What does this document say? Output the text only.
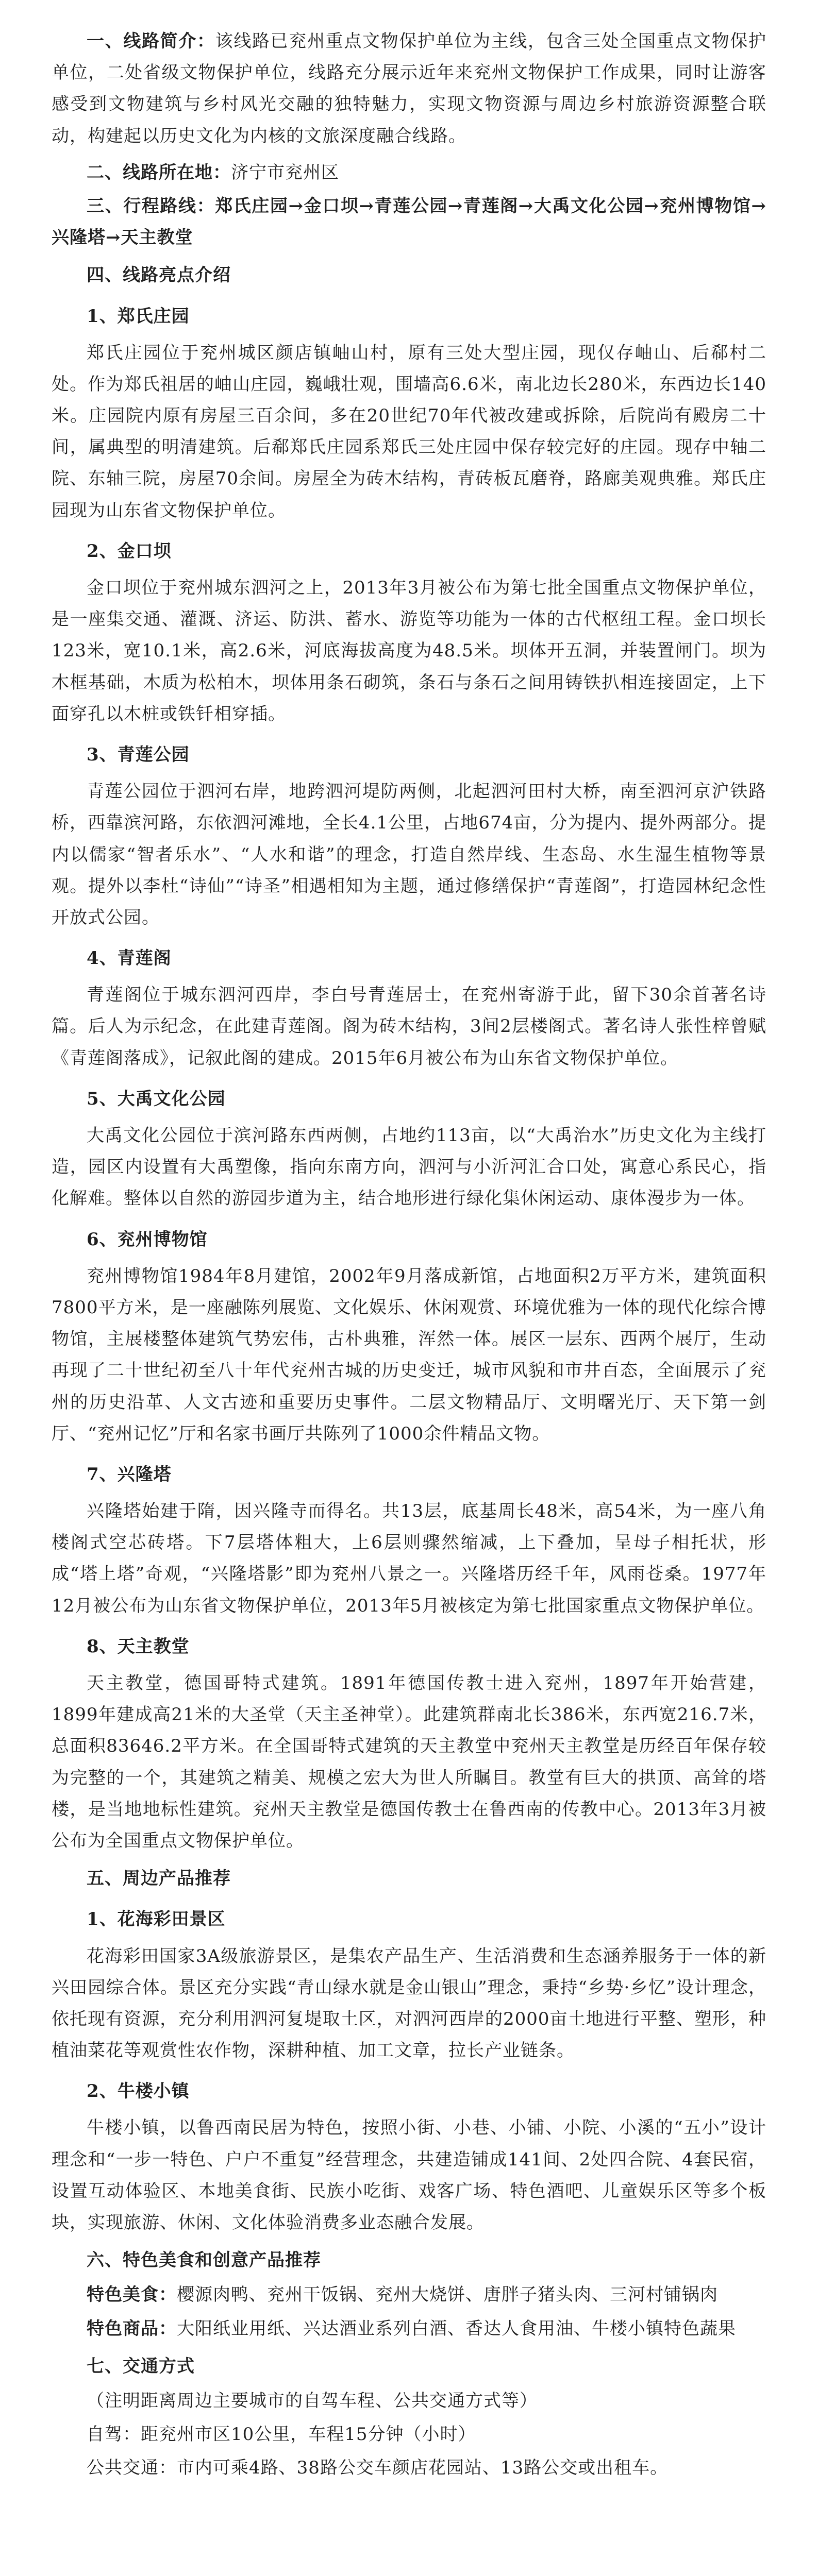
一、线路简介：该线路已兖州重点文物保护单位为主线，包含三处全国重点文物保护单位，二处省级文物保护单位，线路充分展示近年来兖州文物保护工作成果，同时让游客感受到文物建筑与乡村风光交融的独特魅力，实现文物资源与周边乡村旅游资源整合联动，构建起以历史文化为内核的文旅深度融合线路。

二、线路所在地：济宁市兖州区

三、行程路线：郑氏庄园→金口坝→青莲公园→青莲阁→大禹文化公园→兖州博物馆→兴隆塔→天主教堂

四、线路亮点介绍

1、郑氏庄园

郑氏庄园位于兖州城区颜店镇岫山村，原有三处大型庄园，现仅存岫山、后郗村二处。作为郑氏祖居的岫山庄园，巍峨壮观，围墙高6.6米，南北边长280米，东西边长140米。庄园院内原有房屋三百余间，多在20世纪70年代被改建或拆除，后院尚有殿房二十间，属典型的明清建筑。后郗郑氏庄园系郑氏三处庄园中保存较完好的庄园。现存中轴二院、东轴三院，房屋70余间。房屋全为砖木结构，青砖板瓦磨脊，路廊美观典雅。郑氏庄园现为山东省文物保护单位。

2、金口坝

金口坝位于兖州城东泗河之上，2013年3月被公布为第七批全国重点文物保护单位，是一座集交通、灌溉、济运、防洪、蓄水、游览等功能为一体的古代枢纽工程。金口坝长123米，宽10.1米，高2.6米，河底海拔高度为48.5米。坝体开五洞，并装置闸门。坝为木框基础，木质为松柏木，坝体用条石砌筑，条石与条石之间用铸铁扒相连接固定，上下面穿孔以木桩或铁钎相穿插。

3、青莲公园

青莲公园位于泗河右岸，地跨泗河堤防两侧，北起泗河田村大桥，南至泗河京沪铁路桥，西靠滨河路，东依泗河滩地，全长4.1公里，占地674亩，分为提内、提外两部分。提内以儒家“智者乐水”、“人水和谐”的理念，打造自然岸线、生态岛、水生湿生植物等景观。提外以李杜“诗仙”“诗圣”相遇相知为主题，通过修缮保护“青莲阁”，打造园林纪念性开放式公园。

4、青莲阁

青莲阁位于城东泗河西岸，李白号青莲居士，在兖州寄游于此，留下30余首著名诗篇。后人为示纪念，在此建青莲阁。阁为砖木结构，3间2层楼阁式。著名诗人张性梓曾赋《青莲阁落成》，记叙此阁的建成。2015年6月被公布为山东省文物保护单位。

5、大禹文化公园

大禹文化公园位于滨河路东西两侧，占地约113亩，以“大禹治水”历史文化为主线打造，园区内设置有大禹塑像，指向东南方向，泗河与小沂河汇合口处，寓意心系民心，指化解难。整体以自然的游园步道为主，结合地形进行绿化集休闲运动、康体漫步为一体。

6、兖州博物馆

兖州博物馆1984年8月建馆，2002年9月落成新馆，占地面积2万平方米，建筑面积7800平方米，是一座融陈列展览、文化娱乐、休闲观赏、环境优雅为一体的现代化综合博物馆，主展楼整体建筑气势宏伟，古朴典雅，浑然一体。展区一层东、西两个展厅，生动再现了二十世纪初至八十年代兖州古城的历史变迁，城市风貌和市井百态，全面展示了兖州的历史沿革、人文古迹和重要历史事件。二层文物精品厅、文明曙光厅、天下第一剑厅、“兖州记忆”厅和名家书画厅共陈列了1000余件精品文物。

7、兴隆塔

兴隆塔始建于隋，因兴隆寺而得名。共13层，底基周长48米，高54米，为一座八角楼阁式空芯砖塔。下7层塔体粗大，上6层则骤然缩减，上下叠加，呈母子相托状，形成“塔上塔”奇观，“兴隆塔影”即为兖州八景之一。兴隆塔历经千年，风雨苍桑。1977年12月被公布为山东省文物保护单位，2013年5月被核定为第七批国家重点文物保护单位。

8、天主教堂

天主教堂，德国哥特式建筑。1891年德国传教士进入兖州，1897年开始营建，1899年建成高21米的大圣堂（天主圣神堂）。此建筑群南北长386米，东西宽216.7米，总面积83646.2平方米。在全国哥特式建筑的天主教堂中兖州天主教堂是历经百年保存较为完整的一个，其建筑之精美、规模之宏大为世人所瞩目。教堂有巨大的拱顶、高耸的塔楼，是当地地标性建筑。兖州天主教堂是德国传教士在鲁西南的传教中心。2013年3月被公布为全国重点文物保护单位。

五、周边产品推荐

1、花海彩田景区

花海彩田国家3A级旅游景区，是集农产品生产、生活消费和生态涵养服务于一体的新兴田园综合体。景区充分实践“青山绿水就是金山银山”理念，秉持“乡势·乡忆”设计理念，依托现有资源，充分利用泗河复堤取土区，对泗河西岸的2000亩土地进行平整、塑形，种植油菜花等观赏性农作物，深耕种植、加工文章，拉长产业链条。

2、牛楼小镇

牛楼小镇，以鲁西南民居为特色，按照小街、小巷、小铺、小院、小溪的“五小”设计理念和“一步一特色、户户不重复”经营理念，共建造铺成141间、2处四合院、4套民宿，设置互动体验区、本地美食街、民族小吃街、戏客广场、特色酒吧、儿童娱乐区等多个板块，实现旅游、休闲、文化体验消费多业态融合发展。

六、特色美食和创意产品推荐

特色美食：樱源肉鸭、兖州干饭锅、兖州大烧饼、唐胖子猪头肉、三河村铺锅肉

特色商品：大阳纸业用纸、兴达酒业系列白酒、香达人食用油、牛楼小镇特色蔬果

七、交通方式

（注明距离周边主要城市的自驾车程、公共交通方式等）

自驾：距兖州市区10公里，车程15分钟（小时）

公共交通：市内可乘4路、38路公交车颜店花园站、13路公交或出租车。
